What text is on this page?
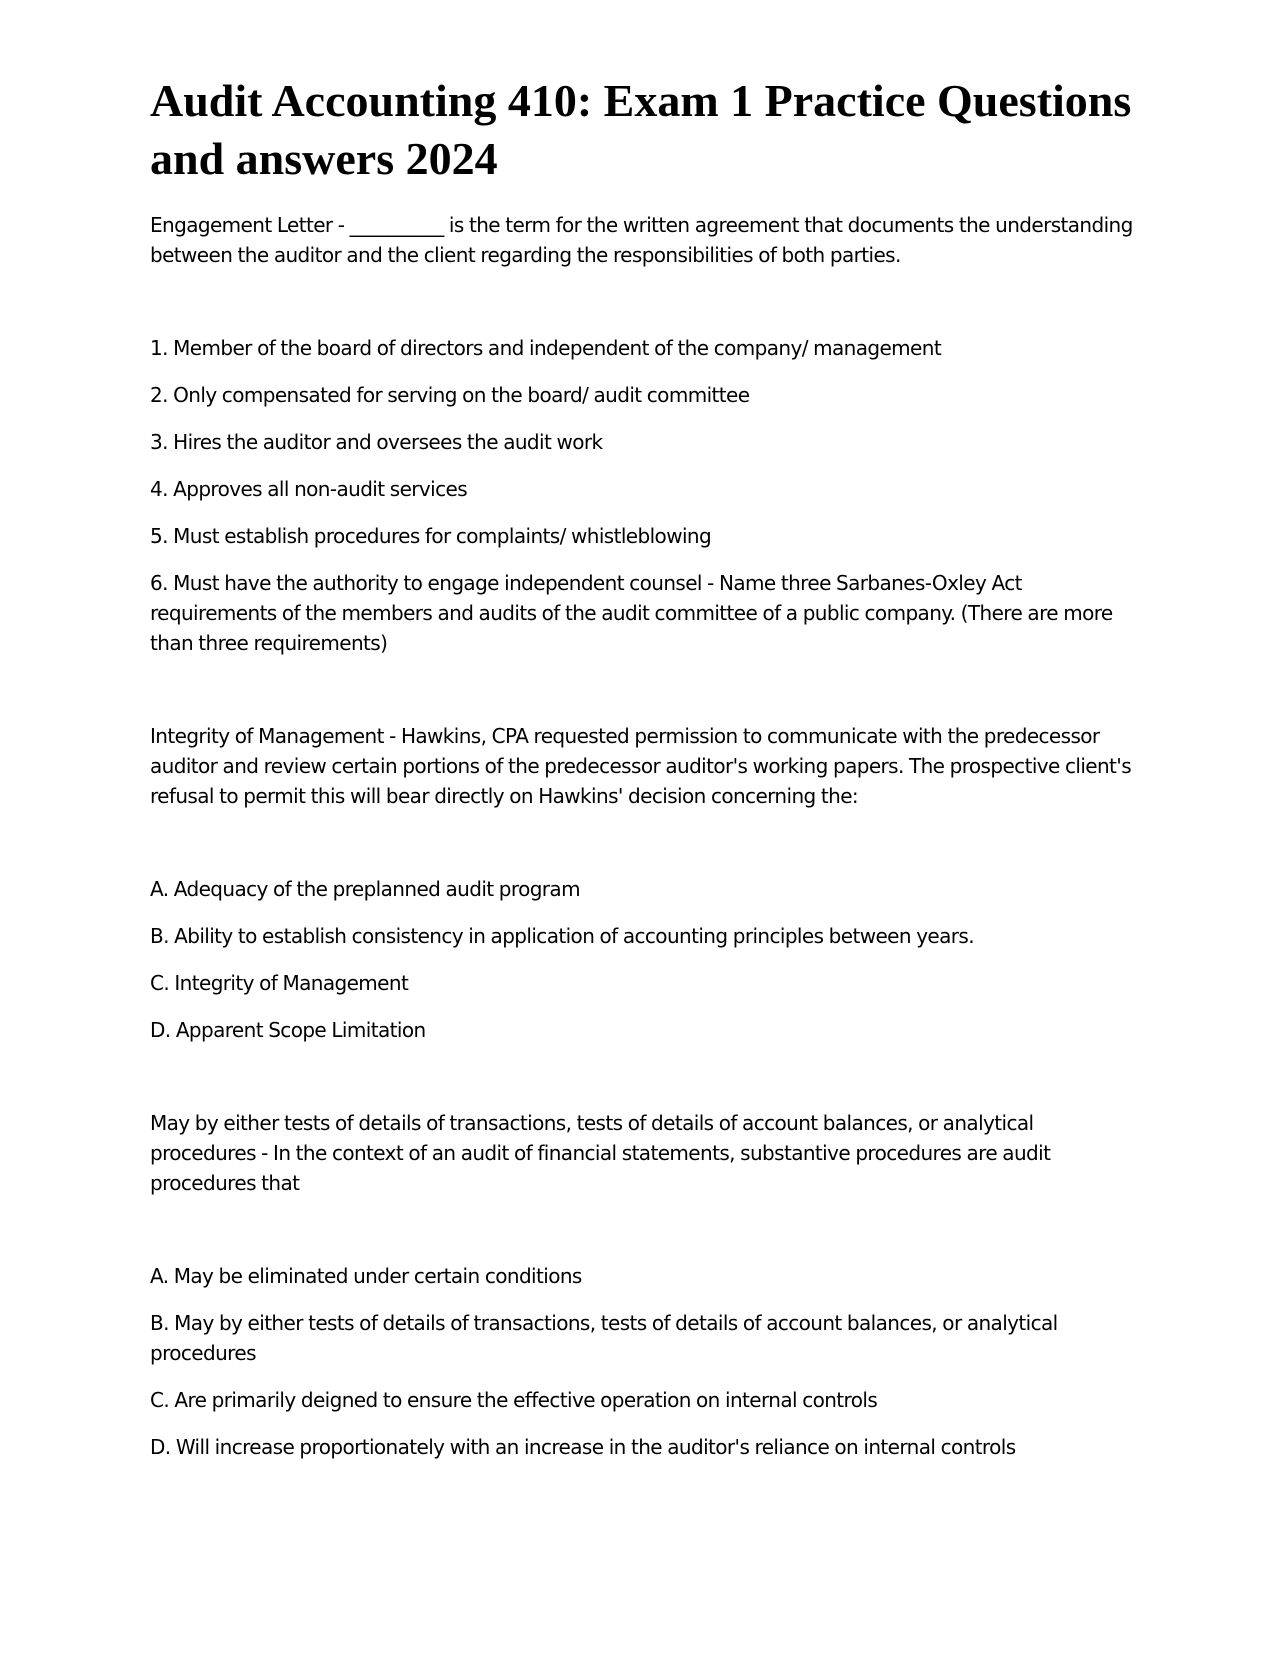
Audit Accounting 410: Exam 1 Practice Questions and answers 2024

Engagement Letter - __________ is the term for the written agreement that documents the understanding between the auditor and the client regarding the responsibilities of both parties.

1. Member of the board of directors and independent of the company/ management

2. Only compensated for serving on the board/ audit committee

3. Hires the auditor and oversees the audit work

4. Approves all non-audit services

5. Must establish procedures for complaints/ whistleblowing

6. Must have the authority to engage independent counsel - Name three Sarbanes-Oxley Act requirements of the members and audits of the audit committee of a public company. (There are more than three requirements)

Integrity of Management - Hawkins, CPA requested permission to communicate with the predecessor auditor and review certain portions of the predecessor auditor's working papers. The prospective client's refusal to permit this will bear directly on Hawkins' decision concerning the:

A. Adequacy of the preplanned audit program

B. Ability to establish consistency in application of accounting principles between years.

C. Integrity of Management

D. Apparent Scope Limitation

May by either tests of details of transactions, tests of details of account balances, or analytical procedures - In the context of an audit of financial statements, substantive procedures are audit procedures that

A. May be eliminated under certain conditions

B. May by either tests of details of transactions, tests of details of account balances, or analytical procedures

C. Are primarily deigned to ensure the effective operation on internal controls

D. Will increase proportionately with an increase in the auditor's reliance on internal controls
